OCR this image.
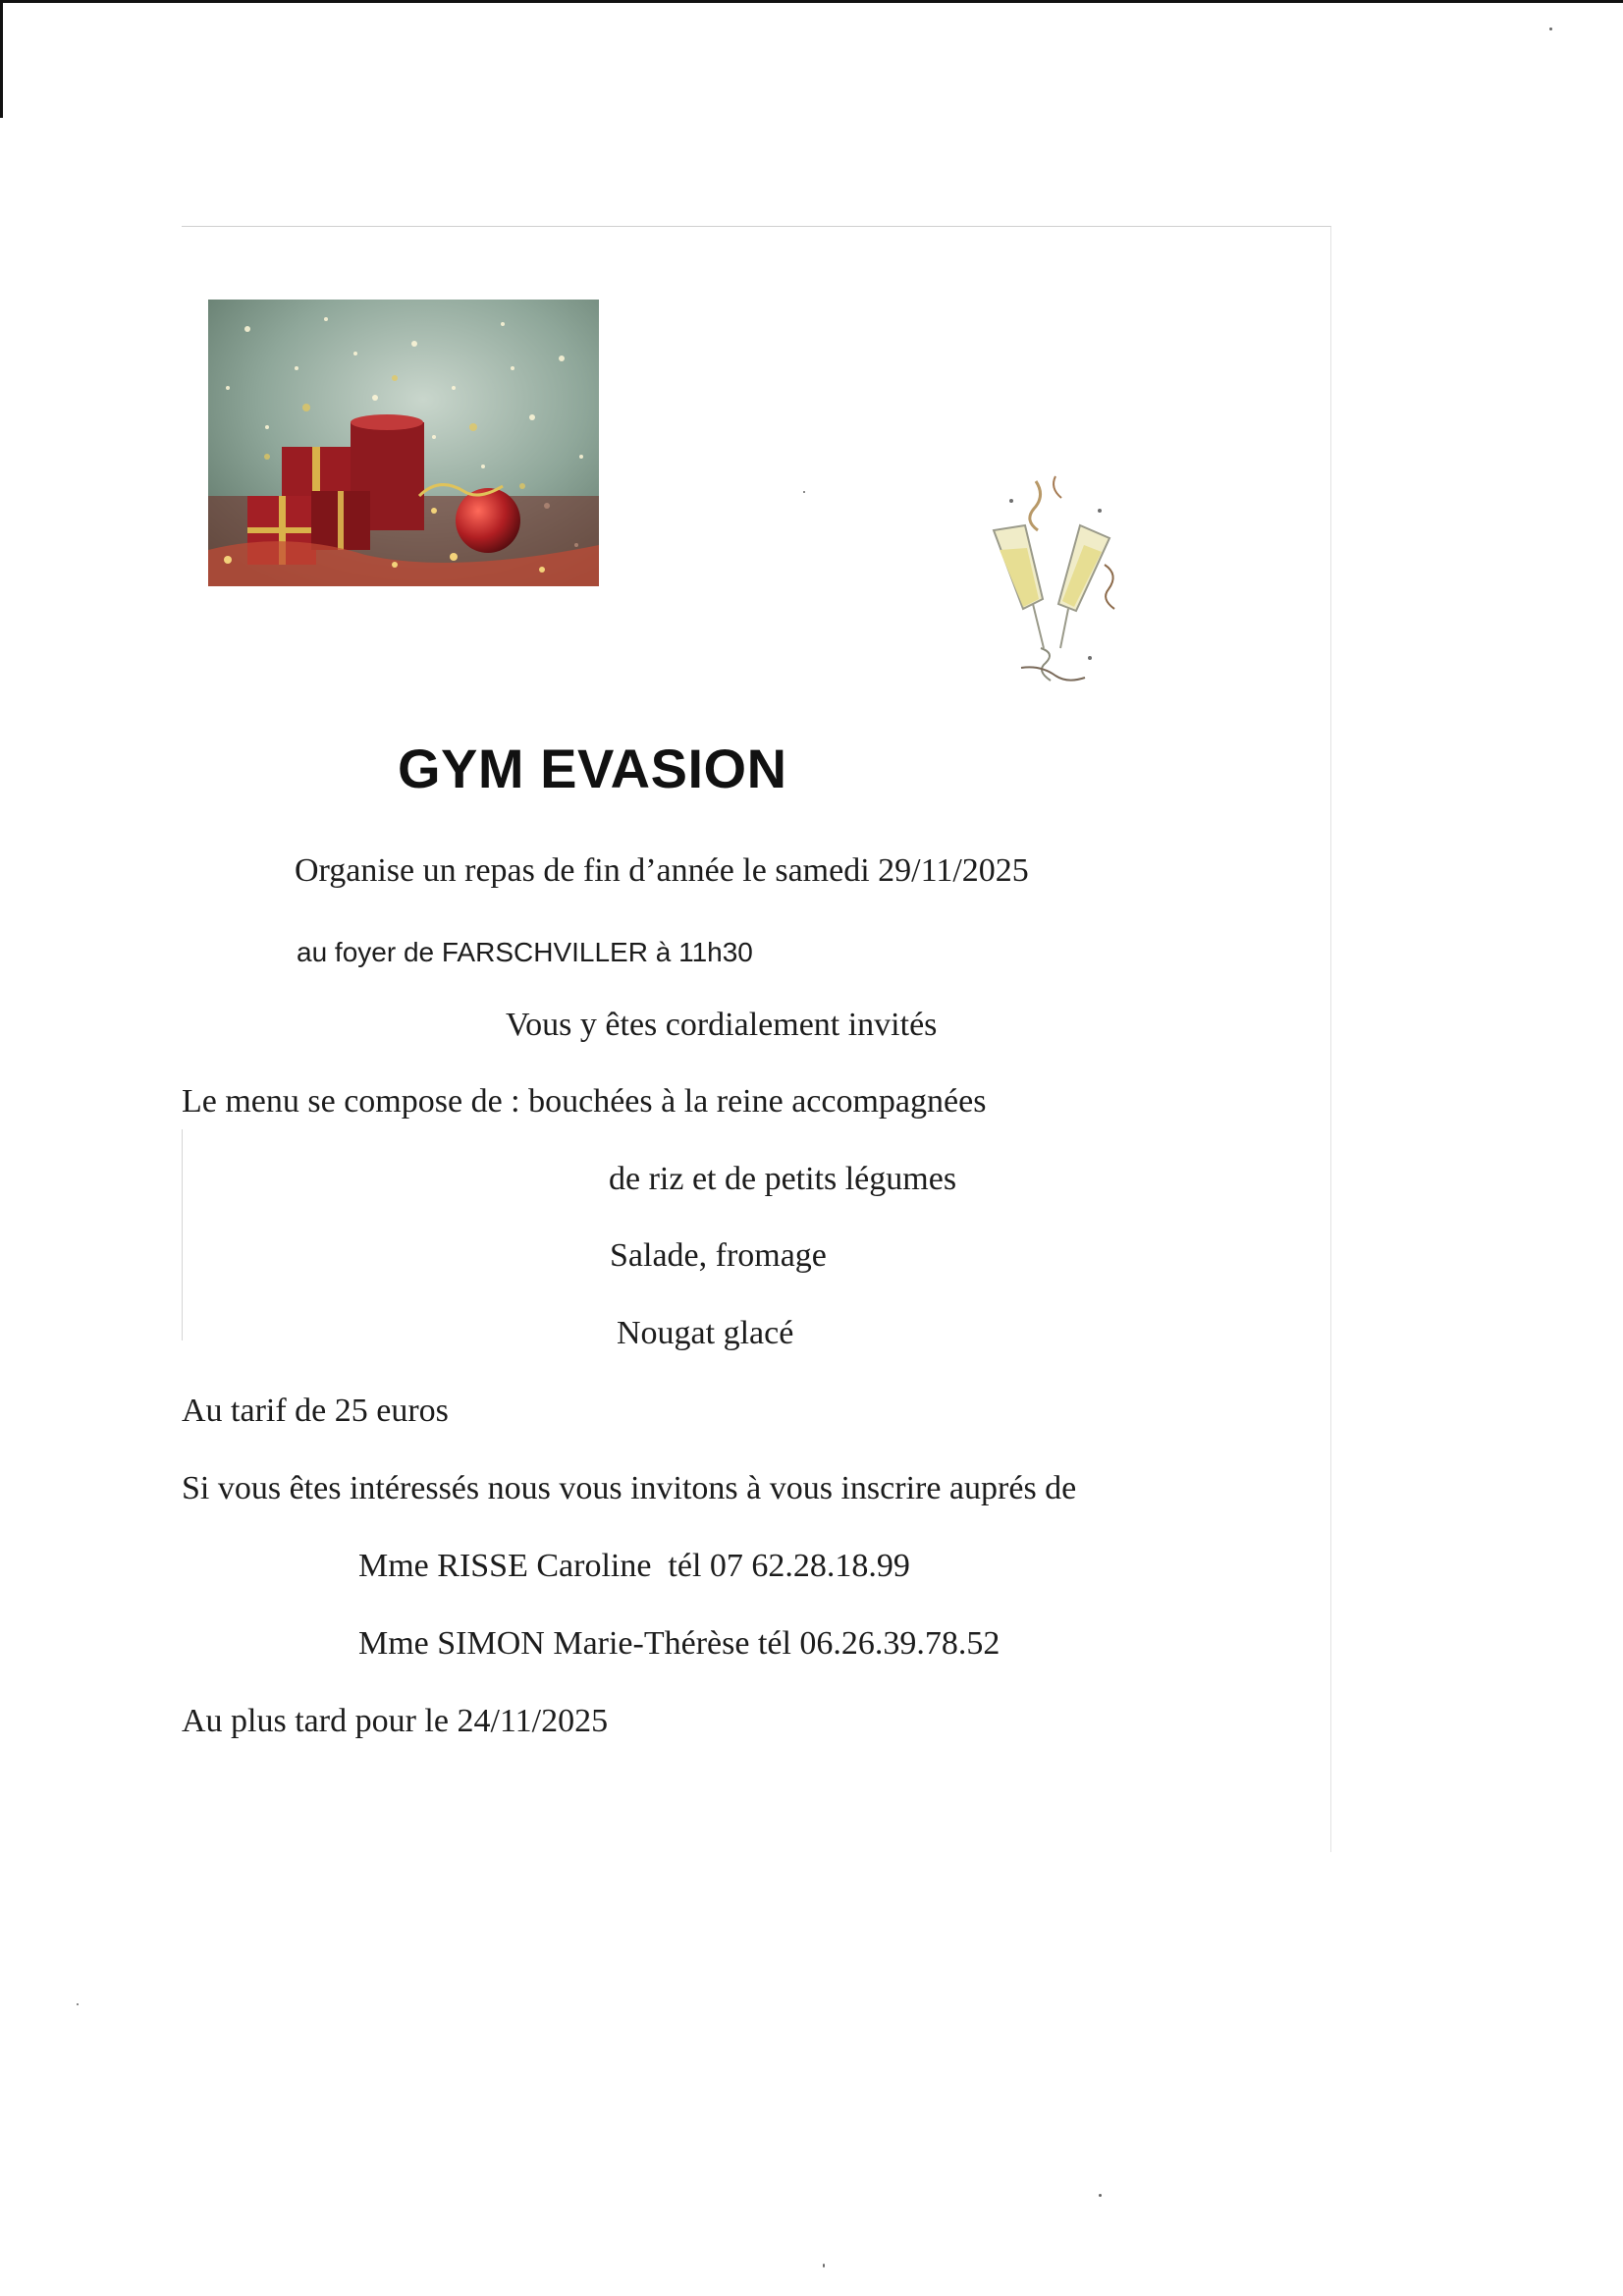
GYM EVASION
Organise un repas de fin d’année le samedi 29/11/2025
au foyer de FARSCHVILLER à 11h30
Vous y êtes cordialement invités
Le menu se compose de : bouchées à la reine accompagnées
de riz et de petits légumes
Salade, fromage
Nougat glacé
Au tarif de 25 euros
Si vous êtes intéressés nous vous invitons à vous inscrire auprés de
Mme RISSE Caroline  tél 07 62.28.18.99
Mme SIMON Marie-Thérèse tél 06.26.39.78.52
Au plus tard pour le 24/11/2025
